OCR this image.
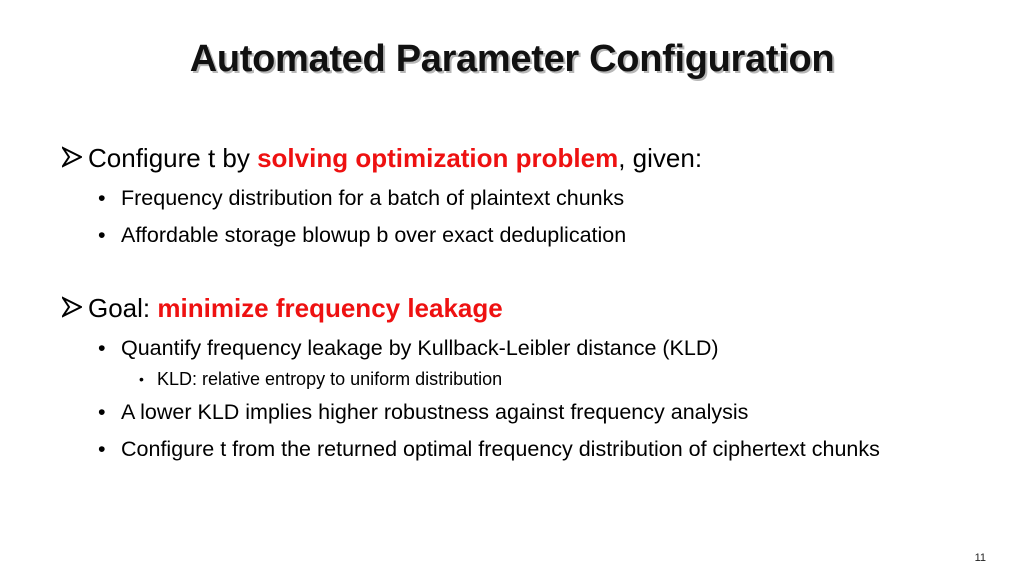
Automated Parameter Configuration
Configure t by solving optimization problem, given:
• Frequency distribution for a batch of plaintext chunks
• Affordable storage blowup b over exact deduplication
Goal: minimize frequency leakage
• Quantify frequency leakage by Kullback-Leibler distance (KLD)
• KLD: relative entropy to uniform distribution
• A lower KLD implies higher robustness against frequency analysis
• Configure t from the returned optimal frequency distribution of ciphertext chunks
11
